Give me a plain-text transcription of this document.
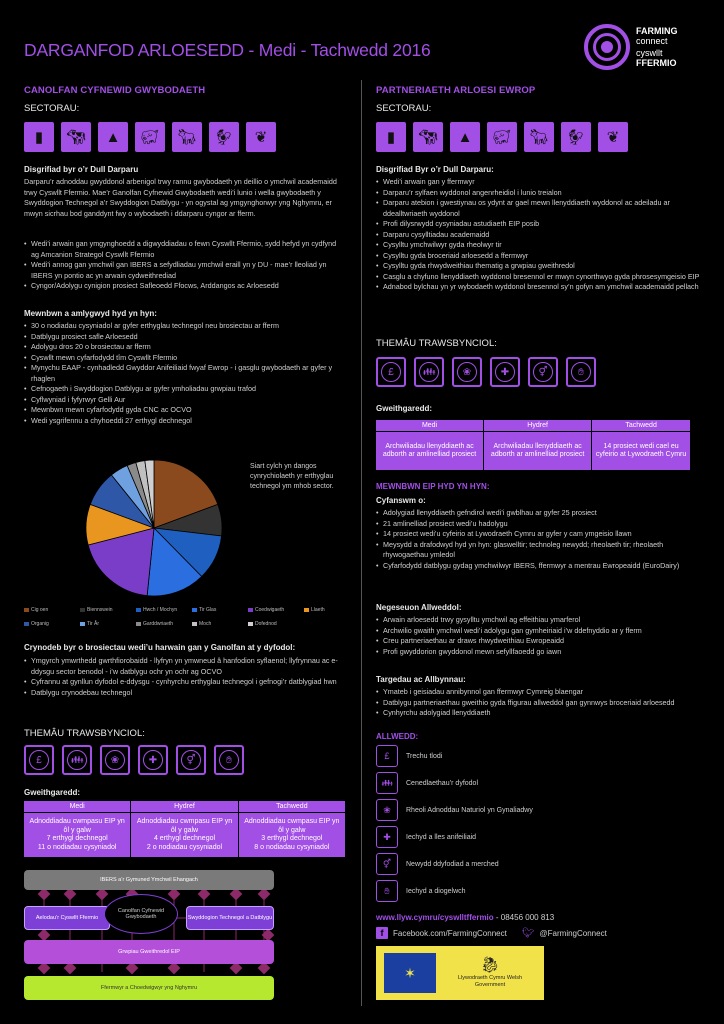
DARGANFOD ARLOESEDD - Medi - Tachwedd 2016
FARMING
connect
cyswllt
FFERMIO
CANOLFAN CYFNEWID GWYBODAETH
SECTORAU:
▮	🐄︎	▲	🐖︎	🐂︎	🐓︎	❦
Disgrifiad byr o’r Dull Darparu
Darparu’r adnoddau gwyddonol arbenigol trwy rannu gwybodaeth yn deillio o ymchwil academaidd trwy Cyswllt Ffermio. Mae’r Ganolfan Cyfnewid Gwybodaeth wedi’i lunio i wella gwybodaeth y Swyddogion Technegol a’r Swyddogion Datblygu - yn ogystal ag ymgynghorwyr yng Nghymru, er mwyn sicrhau bod ganddynt fwy o wybodaeth i ddarparu cyngor ar fferm.
• Wedi’i arwain gan ymgynghoedd a digwyddiadau o fewn Cyswllt Ffermio, sydd hefyd yn cydfynd ag Amcanion Strategol Cyswllt Ffermio
• Wedi’i annog gan ymchwil gan IBERS a sefydliadau ymchwil eraill yn y DU - mae’r lleoliad yn IBERS yn pontio ac yn arwain cydweithrediad
• Cyngor/Adolygu cynigion prosiect Safleoedd Ffocws, Arddangos ac Arloesedd
Mewnbwn a amlygwyd hyd yn hyn:
• 30 o nodiadau cysyniadol ar gyfer erthyglau technegol neu brosiectau ar fferm
• Datblygu prosiect safle Arloesedd
• Adolygu dros 20 o brosiectau ar fferm
• Cyswllt mewn cyfarfodydd tîm Cyswllt Ffermio
• Mynychu EAAP - cynhadledd Gwyddor Anifeiliaid fwyaf Ewrop - i gasglu gwybodaeth ar gyfer y rhaglen
• Cefnogaeth i Swyddogion Datblygu ar gyfer ymholiadau grwpiau trafod
• Cyflwyniad i fyfyrwyr Gelli Aur
• Mewnbwn mewn cyfarfodydd gyda CNC ac OCVO
• Wedi ysgrifennu a chyhoeddi 27 erthygl dechnegol
Siart cylch yn dangos cynrychiolaeth yr erthyglau technegol ym mhob sector.
Cig oen	Biennswein	Hwch / Mochyn	Tir Glas	Coedwigaeth	Llaeth
Organig	Tir Âr	Garddwriaeth	Moch	Dofednod
Crynodeb byr o brosiectau wedi’u harwain gan y Ganolfan at y dyfodol:
• Ymgyrch ymwrthedd gwrthfiorobaidd - llyfryn yn ymwneud â hanfodion syflaenol; llyfrynnau ac e-ddysgu sector benodol - i’w datblygu ochr yn ochr ag OCVO
• Cyfrannu at gynllun dyfodol e-ddysgu - cynhyrchu erthyglau technegol i gefnogi’r datblygiad hwn
• Datblygu crynodebau technegol
THEMÂU TRAWSBYNCIOL:
£	👪︎	❀	✚	⚥	✋︎
Gweithgaredd:
Medi	Hydref	Tachwedd
Adnoddiadau cwmpasu EIP yn ôl y galw
7 erthygl dechnegol
11 o nodiadau cysyniadol	Adnoddiadau cwmpasu EIP yn ôl y galw
4 erthygl dechnegol
2 o nodiadau cysyniadol	Adnoddiadau cwmpasu EIP yn ôl y galw
3 erthygl dechnegol
8 o nodiadau cysyniadol
IBERS a’r Gymuned Ymchwil Ehangach
Aelodau’r Cyswllt Ffermio
Canolfan Cyfnewid Gwybodaeth	Swyddogion Technegol a Datblygu
Grwpiau Gweithredol EIP
Ffermwyr a Choedwigwyr yng Nghymru
PARTNERIAETH ARLOESI EWROP
SECTORAU:
▮	🐄︎	▲	🐖︎	🐂︎	🐓︎	❦
Disgrifiad Byr o’r Dull Darparu:
• Wedi’i arwain gan y ffermwyr
• Darparu’r sylfaen wyddonol angenrheidiol i lunio treialon
• Darparu atebion i gwestiynau os ydynt ar gael mewn llenyddiaeth wyddonol ac adeiladu ar ddealltwriaeth wyddonol
• Profi dilysrwydd cysyniadau astudiaeth EIP posib
• Darparu cysylltiadau academaidd
• Cysylltu ymchwilwyr gyda rheolwyr tir
• Cysylltu gyda broceriaid arloesedd a ffermwyr
• Cysylltu gyda rhwydweithiau thematig a grwpiau gweithredol
• Casglu a chyfuno llenyddiaeth wyddonol bresennol er mwyn cynorthwyo gyda phrosesymgeisio EIP
• Adnabod bylchau yn yr wybodaeth wyddonol bresennol sy’n gofyn am ymchwil academaidd pellach
THEMÂU TRAWSBYNCIOL:
£	👪︎	❀	✚	⚥	✋︎
Gweithgaredd:
Medi	Hydref	Tachwedd
Archwiliadau llenyddiaeth ac adborth ar amlinelliad prosiect	Archwiliadau llenyddiaeth ac adborth ar amlinelliad prosiect	14 prosiect wedi cael eu cyfeirio at Lywodraeth Cymru
MEWNBWN EIP HYD YN HYN:
Cyfanswm o:
• Adolygiad llenyddiaeth gefndirol wedi’i gwblhau ar gyfer 25 prosiect
• 21 amlinelliad prosiect wedi’u hadolygu
• 14 prosiect wedi’u cyfeirio at Lywodraeth Cymru ar gyfer y cam ymgeisio llawn
• Meysydd a drafodwyd hyd yn hyn: glaswelltir; technoleg newydd; rheolaeth tir; rheolaeth rhywogaethau ymledol
• Cyfarfodydd datblygu gydag ymchwilwyr IBERS, ffermwyr a mentrau Ewropeaidd (EuroDairy)
Negeseuon Allweddol:
• Arwain arloesedd trwy gysylltu ymchwil ag effeithiau ymarferol
• Archwilio gwaith ymchwil wedi’i adolygu gan gymheiriaid i’w ddefnyddio ar y fferm
• Creu partneriaethau ar draws rhwydweithiau Ewropeaidd
• Profi gwyddorion gwyddonol mewn sefyllfaoedd go iawn
Targedau ac Allbynnau:
• Ymateb i geisiadau annibynnol gan ffermwyr Cymreig blaengar
• Datblygu partneriaethau gweithio gyda ffigurau allweddol gan gynnwys broceriaid arloesedd
• Cynhyrchu adolygiad llenyddiaeth
ALLWEDD:
£	Trechu tlodi
👪︎	Cenedlaethau’r dyfodol
❀	Rheoli Adnoddau Naturiol yn Gynaliadwy
✚	Iechyd a lles anifeiliaid
⚥	Newydd ddyfodiad a merched
✋︎	Iechyd a diogelwch
www.llyw.cymru/cyswlltffermio - 08456 000 813
f	Facebook.com/FarmingConnect 🐦︎ @FarmingConnect
✶	🐉︎
Llywodraeth Cymru Welsh Government
